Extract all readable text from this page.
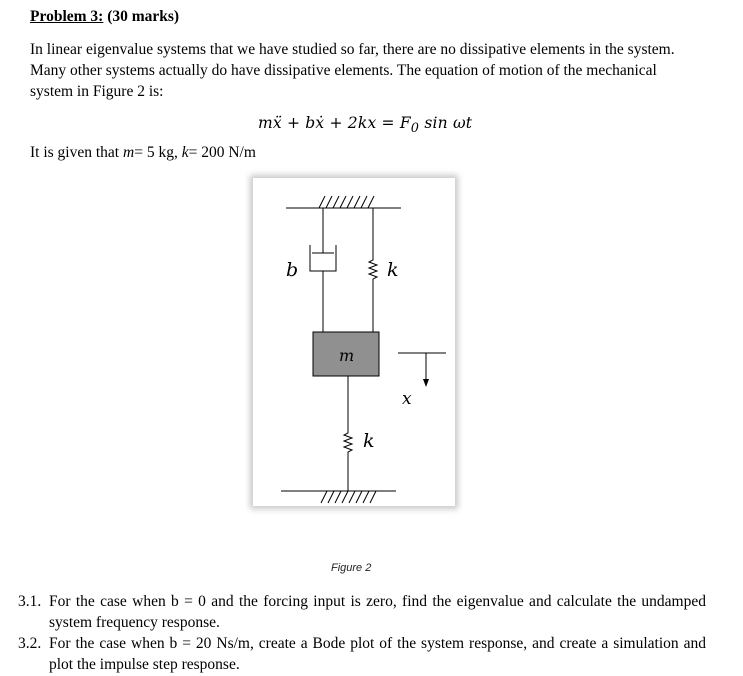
Problem 3: (30 marks)
In linear eigenvalue systems that we have studied so far, there are no dissipative elements in the system. Many other systems actually do have dissipative elements. The equation of motion of the mechanical system in Figure 2 is:
mẍ + bẋ + $2kx = F_0$ sin ωt
It is given that m= 5 kg, k= 200 N/m
b	k
m
x
k
Figure 2
3.1. For the case when b = 0 and the forcing input is zero, find the eigenvalue and calculate the undamped system frequency response.
3.2. For the case when b = 20 Ns/m, create a Bode plot of the system response, and create a simulation and plot the impulse step response.
